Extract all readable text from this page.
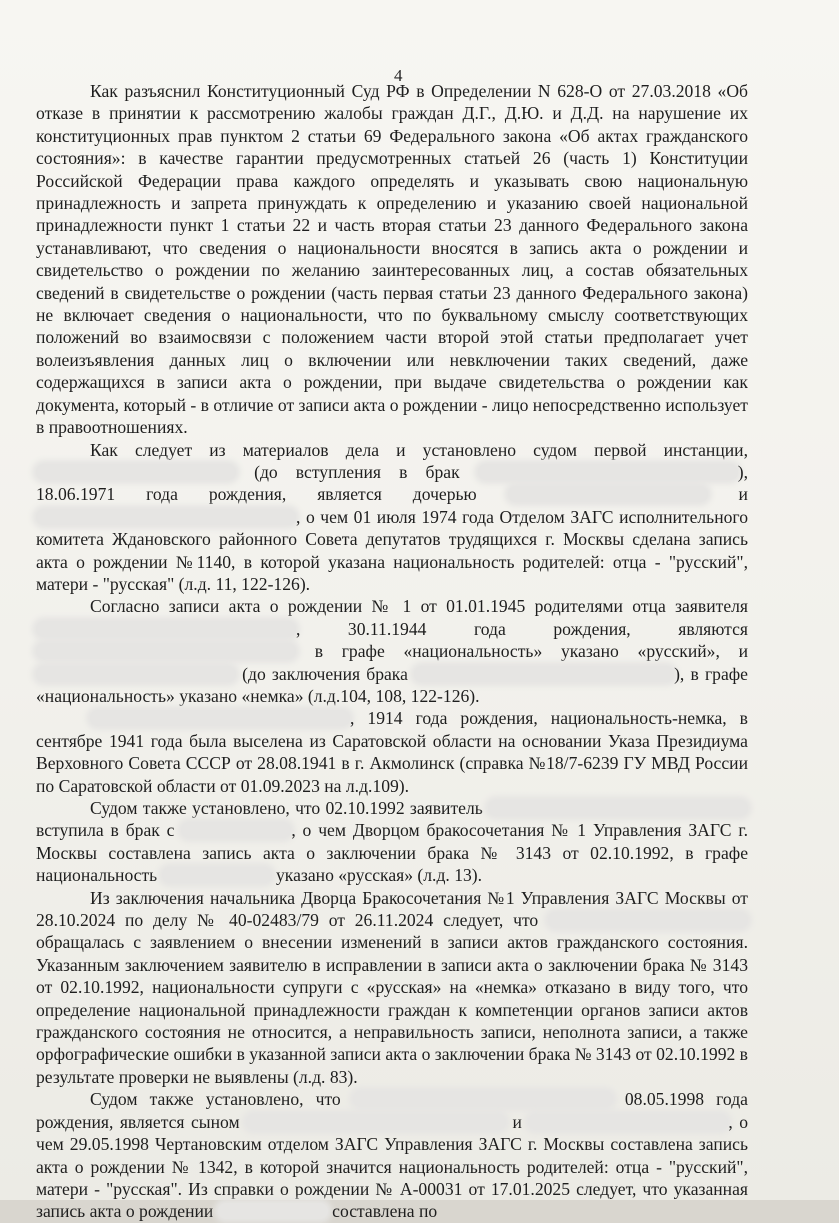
4

Как разъяснил Конституционный Суд РФ в Определении N 628-О от 27.03.2018 «Об отказе в принятии к рассмотрению жалобы граждан Д.Г., Д.Ю. и Д.Д. на нарушение их конституционных прав пунктом 2 статьи 69 Федерального закона «Об актах гражданского состояния»: в качестве гарантии предусмотренных статьей 26 (часть 1) Конституции Российской Федерации права каждого определять и указывать свою национальную принадлежность и запрета принуждать к определению и указанию своей национальной принадлежности пункт 1 статьи 22 и часть вторая статьи 23 данного Федерального закона устанавливают, что сведения о национальности вносятся в запись акта о рождении и свидетельство о рождении по желанию заинтересованных лиц, а состав обязательных сведений в свидетельстве о рождении (часть первая статьи 23 данного Федерального закона) не включает сведения о национальности, что по буквальному смыслу соответствующих положений во взаимосвязи с положением части второй этой статьи предполагает учет волеизъявления данных лиц о включении или невключении таких сведений, даже содержащихся в записи акта о рождении, при выдаче свидетельства о рождении как документа, который - в отличие от записи акта о рождении - лицо непосредственно использует в правоотношениях.

Как следует из материалов дела и установлено судом первой инстанции,  (до вступления в брак	), 18.06.1971 года рождения, является дочерью	и , о чем 01 июля 1974 года Отделом ЗАГС исполнительного комитета Ждановского районного Совета депутатов трудящихся г. Москвы сделана запись акта о рождении №1140, в которой указана национальность родителей: отца - "русский", матери - "русская" (л.д. 11, 122-126).

Согласно записи акта о рождении № 1 от 01.01.1945 родителями отца заявителя , 30.11.1944 года рождения, являются  в графе «национальность» указано «русский», и  (до заключения брака	), в графе «национальность» указано «немка» (л.д.104, 108, 122-126).

, 1914 года рождения, национальность-немка, в сентябре 1941 года была выселена из Саратовской области на основании Указа Президиума Верховного Совета СССР от 28.08.1941 в г. Акмолинск (справка №18/7-6239 ГУ МВД России по Саратовской области от 01.09.2023 на л.д.109).

Судом также установлено, что 02.10.1992 заявитель  вступила в брак с	, о чем Дворцом бракосочетания № 1 Управления ЗАГС г. Москвы составлена запись акта о заключении брака № 3143 от 02.10.1992, в графе национальность	указано «русская» (л.д. 13).

Из заключения начальника Дворца Бракосочетания №1 Управления ЗАГС Москвы от 28.10.2024 по делу № 40-02483/79 от 26.11.2024 следует, что  обращалась с заявлением о внесении изменений в записи актов гражданского состояния. Указанным заключением заявителю в исправлении в записи акта о заключении брака № 3143 от 02.10.1992, национальности супруги с «русская» на «немка» отказано в виду того, что определение национальной принадлежности граждан к компетенции органов записи актов гражданского состояния не относится, а неправильность записи, неполнота записи, а также орфографические ошибки в указанной записи акта о заключении брака № 3143 от 02.10.1992 в результате проверки не выявлены (л.д. 83).

Судом также установлено, что	08.05.1998 года рождения, является сыном	и	, о чем 29.05.1998 Чертановским отделом ЗАГС Управления ЗАГС г. Москвы составлена запись акта о рождении № 1342, в которой значится национальность родителей: отца - "русский", матери - "русская". Из справки о рождении № А-00031 от 17.01.2025 следует, что указанная запись акта о рождении	составлена по
